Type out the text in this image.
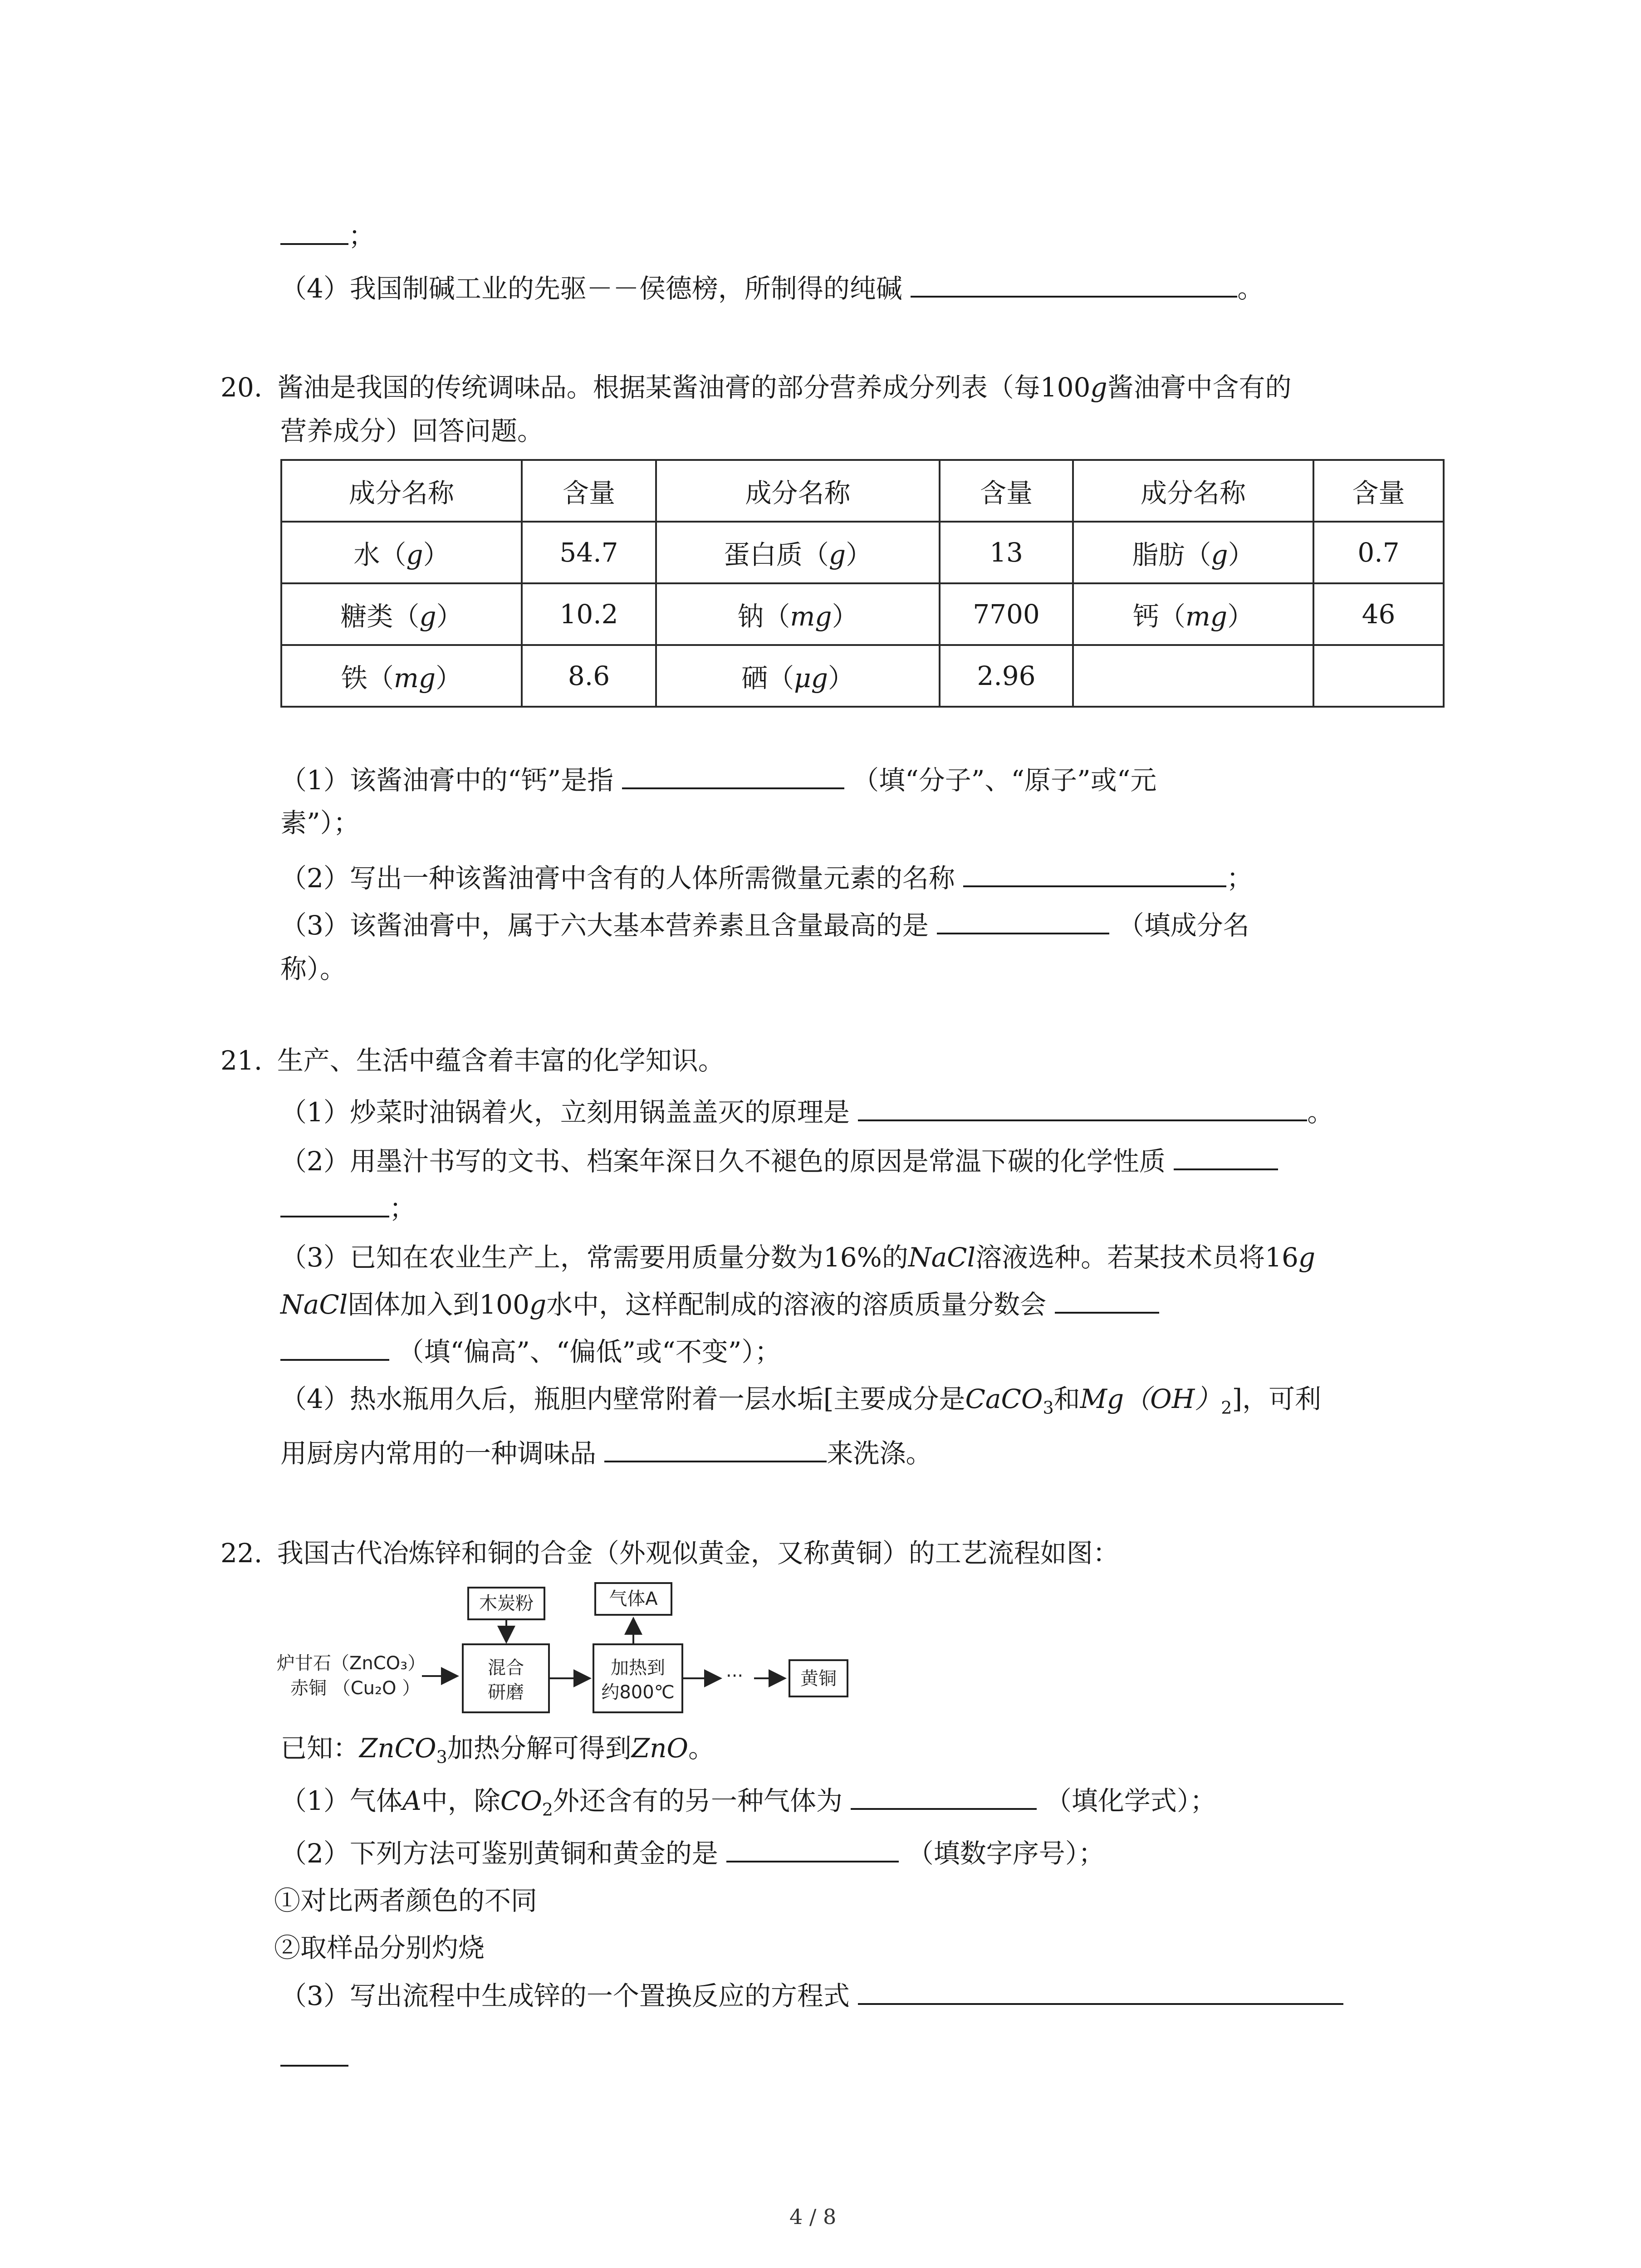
；
（4）我国制碱工业的先驱－－侯德榜，所制得的纯碱	。
20. 酱油是我国的传统调味品。根据某酱油膏的部分营养成分列表（每100g酱油膏中含有的
营养成分）回答问题。
成分名称	含量	成分名称	含量	成分名称	含量
水（g）	54.7	蛋白质（g）	13	脂肪（g）	0.7
糖类（g）	10.2	钠（mg）	7700	钙（mg）	46
铁（mg）	8.6	硒（μg）	2.96		
（1）该酱油膏中的“钙”是指	（填“分子”、“原子”或“元
素”）；
（2）写出一种该酱油膏中含有的人体所需微量元素的名称	；
（3）该酱油膏中，属于六大基本营养素且含量最高的是	（填成分名
称）。
21. 生产、生活中蕴含着丰富的化学知识。
（1）炒菜时油锅着火，立刻用锅盖盖灭的原理是	。
（2）用墨汁书写的文书、档案年深日久不褪色的原因是常温下碳的化学性质
；
（3）已知在农业生产上，常需要用质量分数为16%的NaCl溶液选种。若某技术员将16g
NaCl固体加入到100g水中，这样配制成的溶液的溶质质量分数会
（填“偏高”、“偏低”或“不变”）；
（4）热水瓶用久后，瓶胆内壁常附着一层水垢[主要成分是CaCO$_3$和$Mg(OH)_2$]，可利
用厨房内常用的一种调味品	来洗涤。
22. 我国古代冶炼锌和铜的合金（外观似黄金，又称黄铜）的工艺流程如图：
炉甘石（ZnCO₃）
赤铜 （Cu₂O ）
木炭粉
混合
研磨
气体A
加热到
约800℃
···	黄铜
已知：ZnCO$_3$加热分解可得到ZnO。
（1）气体A中，除$CO_2$外还含有的另一种气体为	（填化学式）；
（2）下列方法可鉴别黄铜和黄金的是	（填数字序号）；
①对比两者颜色的不同
②取样品分别灼烧
（3）写出流程中生成锌的一个置换反应的方程式
4 / 8
